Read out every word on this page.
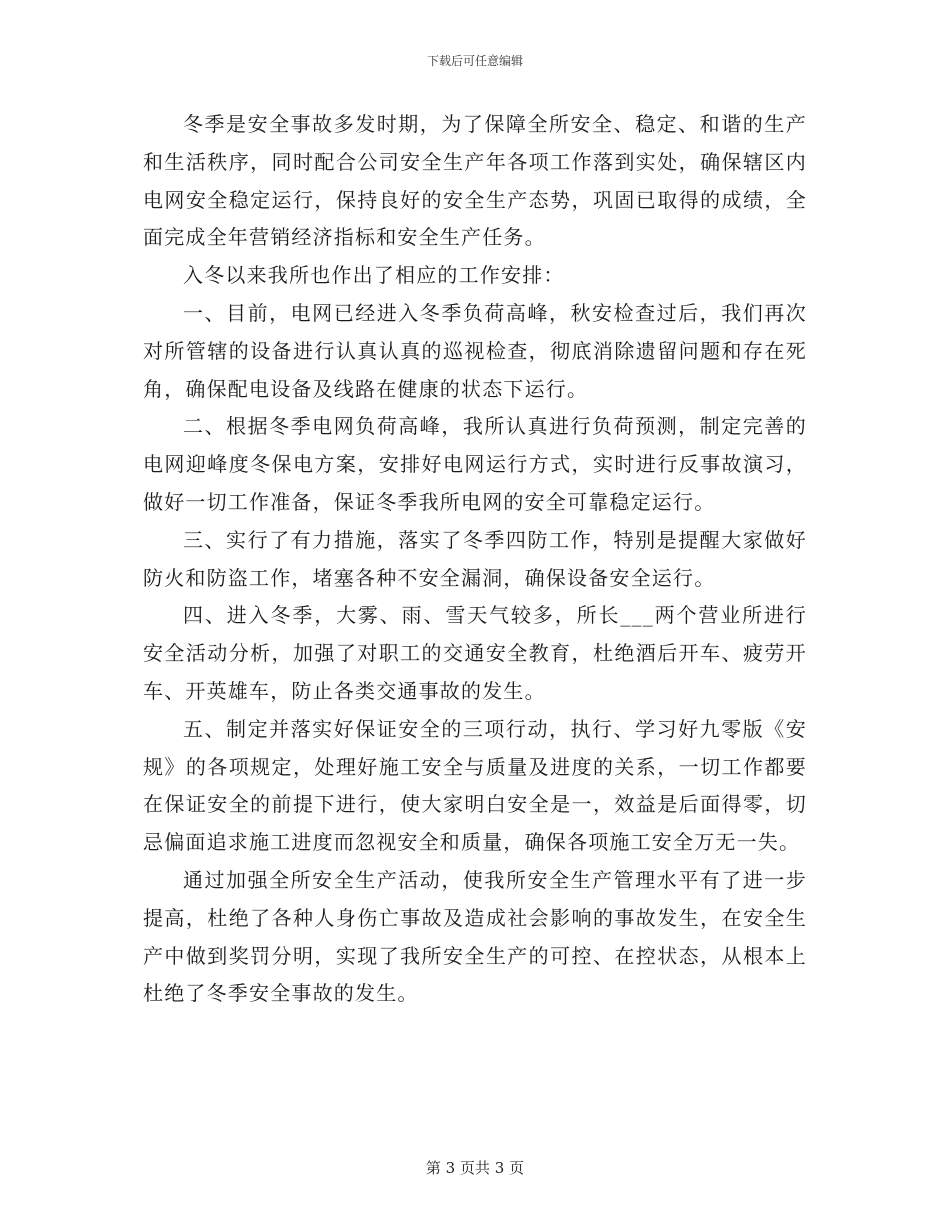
下载后可任意编辑

冬季是安全事故多发时期，为了保障全所安全、稳定、和谐的生产和生活秩序，同时配合公司安全生产年各项工作落到实处，确保辖区内电网安全稳定运行，保持良好的安全生产态势，巩固已取得的成绩，全面完成全年营销经济指标和安全生产任务。

入冬以来我所也作出了相应的工作安排：

一、目前，电网已经进入冬季负荷高峰，秋安检查过后，我们再次对所管辖的设备进行认真认真的巡视检查，彻底消除遗留问题和存在死角，确保配电设备及线路在健康的状态下运行。

二、根据冬季电网负荷高峰，我所认真进行负荷预测，制定完善的电网迎峰度冬保电方案，安排好电网运行方式，实时进行反事故演习，做好一切工作准备，保证冬季我所电网的安全可靠稳定运行。

三、实行了有力措施，落实了冬季四防工作，特别是提醒大家做好防火和防盗工作，堵塞各种不安全漏洞，确保设备安全运行。

四、进入冬季，大雾、雨、雪天气较多，所长___两个营业所进行安全活动分析，加强了对职工的交通安全教育，杜绝酒后开车、疲劳开车、开英雄车，防止各类交通事故的发生。

五、制定并落实好保证安全的三项行动，执行、学习好九零版《安规》的各项规定，处理好施工安全与质量及进度的关系，一切工作都要在保证安全的前提下进行，使大家明白安全是一，效益是后面得零，切忌偏面追求施工进度而忽视安全和质量，确保各项施工安全万无一失。

通过加强全所安全生产活动，使我所安全生产管理水平有了进一步提高，杜绝了各种人身伤亡事故及造成社会影响的事故发生，在安全生产中做到奖罚分明，实现了我所安全生产的可控、在控状态，从根本上杜绝了冬季安全事故的发生。

第 3 页共 3 页
